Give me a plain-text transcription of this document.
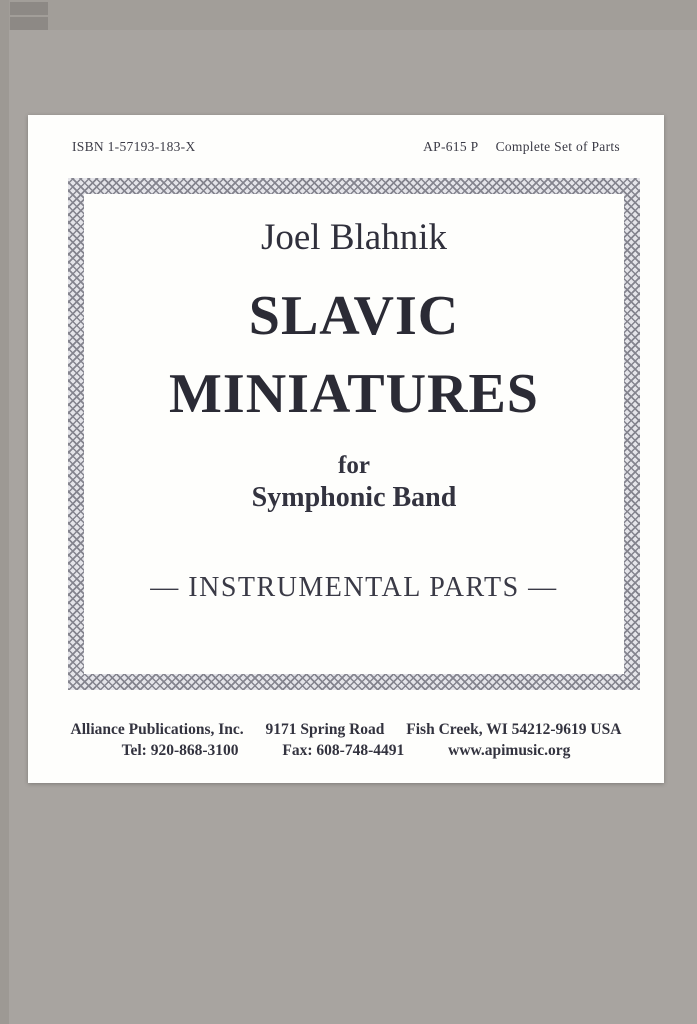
ISBN 1-57193-183-X	AP-615 P Complete Set of Parts
Joel Blahnik
SLAVIC
MINIATURES
for
Symphonic Band
— INSTRUMENTAL PARTS —
Alliance Publications, Inc. 9171 Spring Road Fish Creek, WI 54212-9619 USA
Tel: 920-868-3100	Fax: 608-748-4491	www.apimusic.org
